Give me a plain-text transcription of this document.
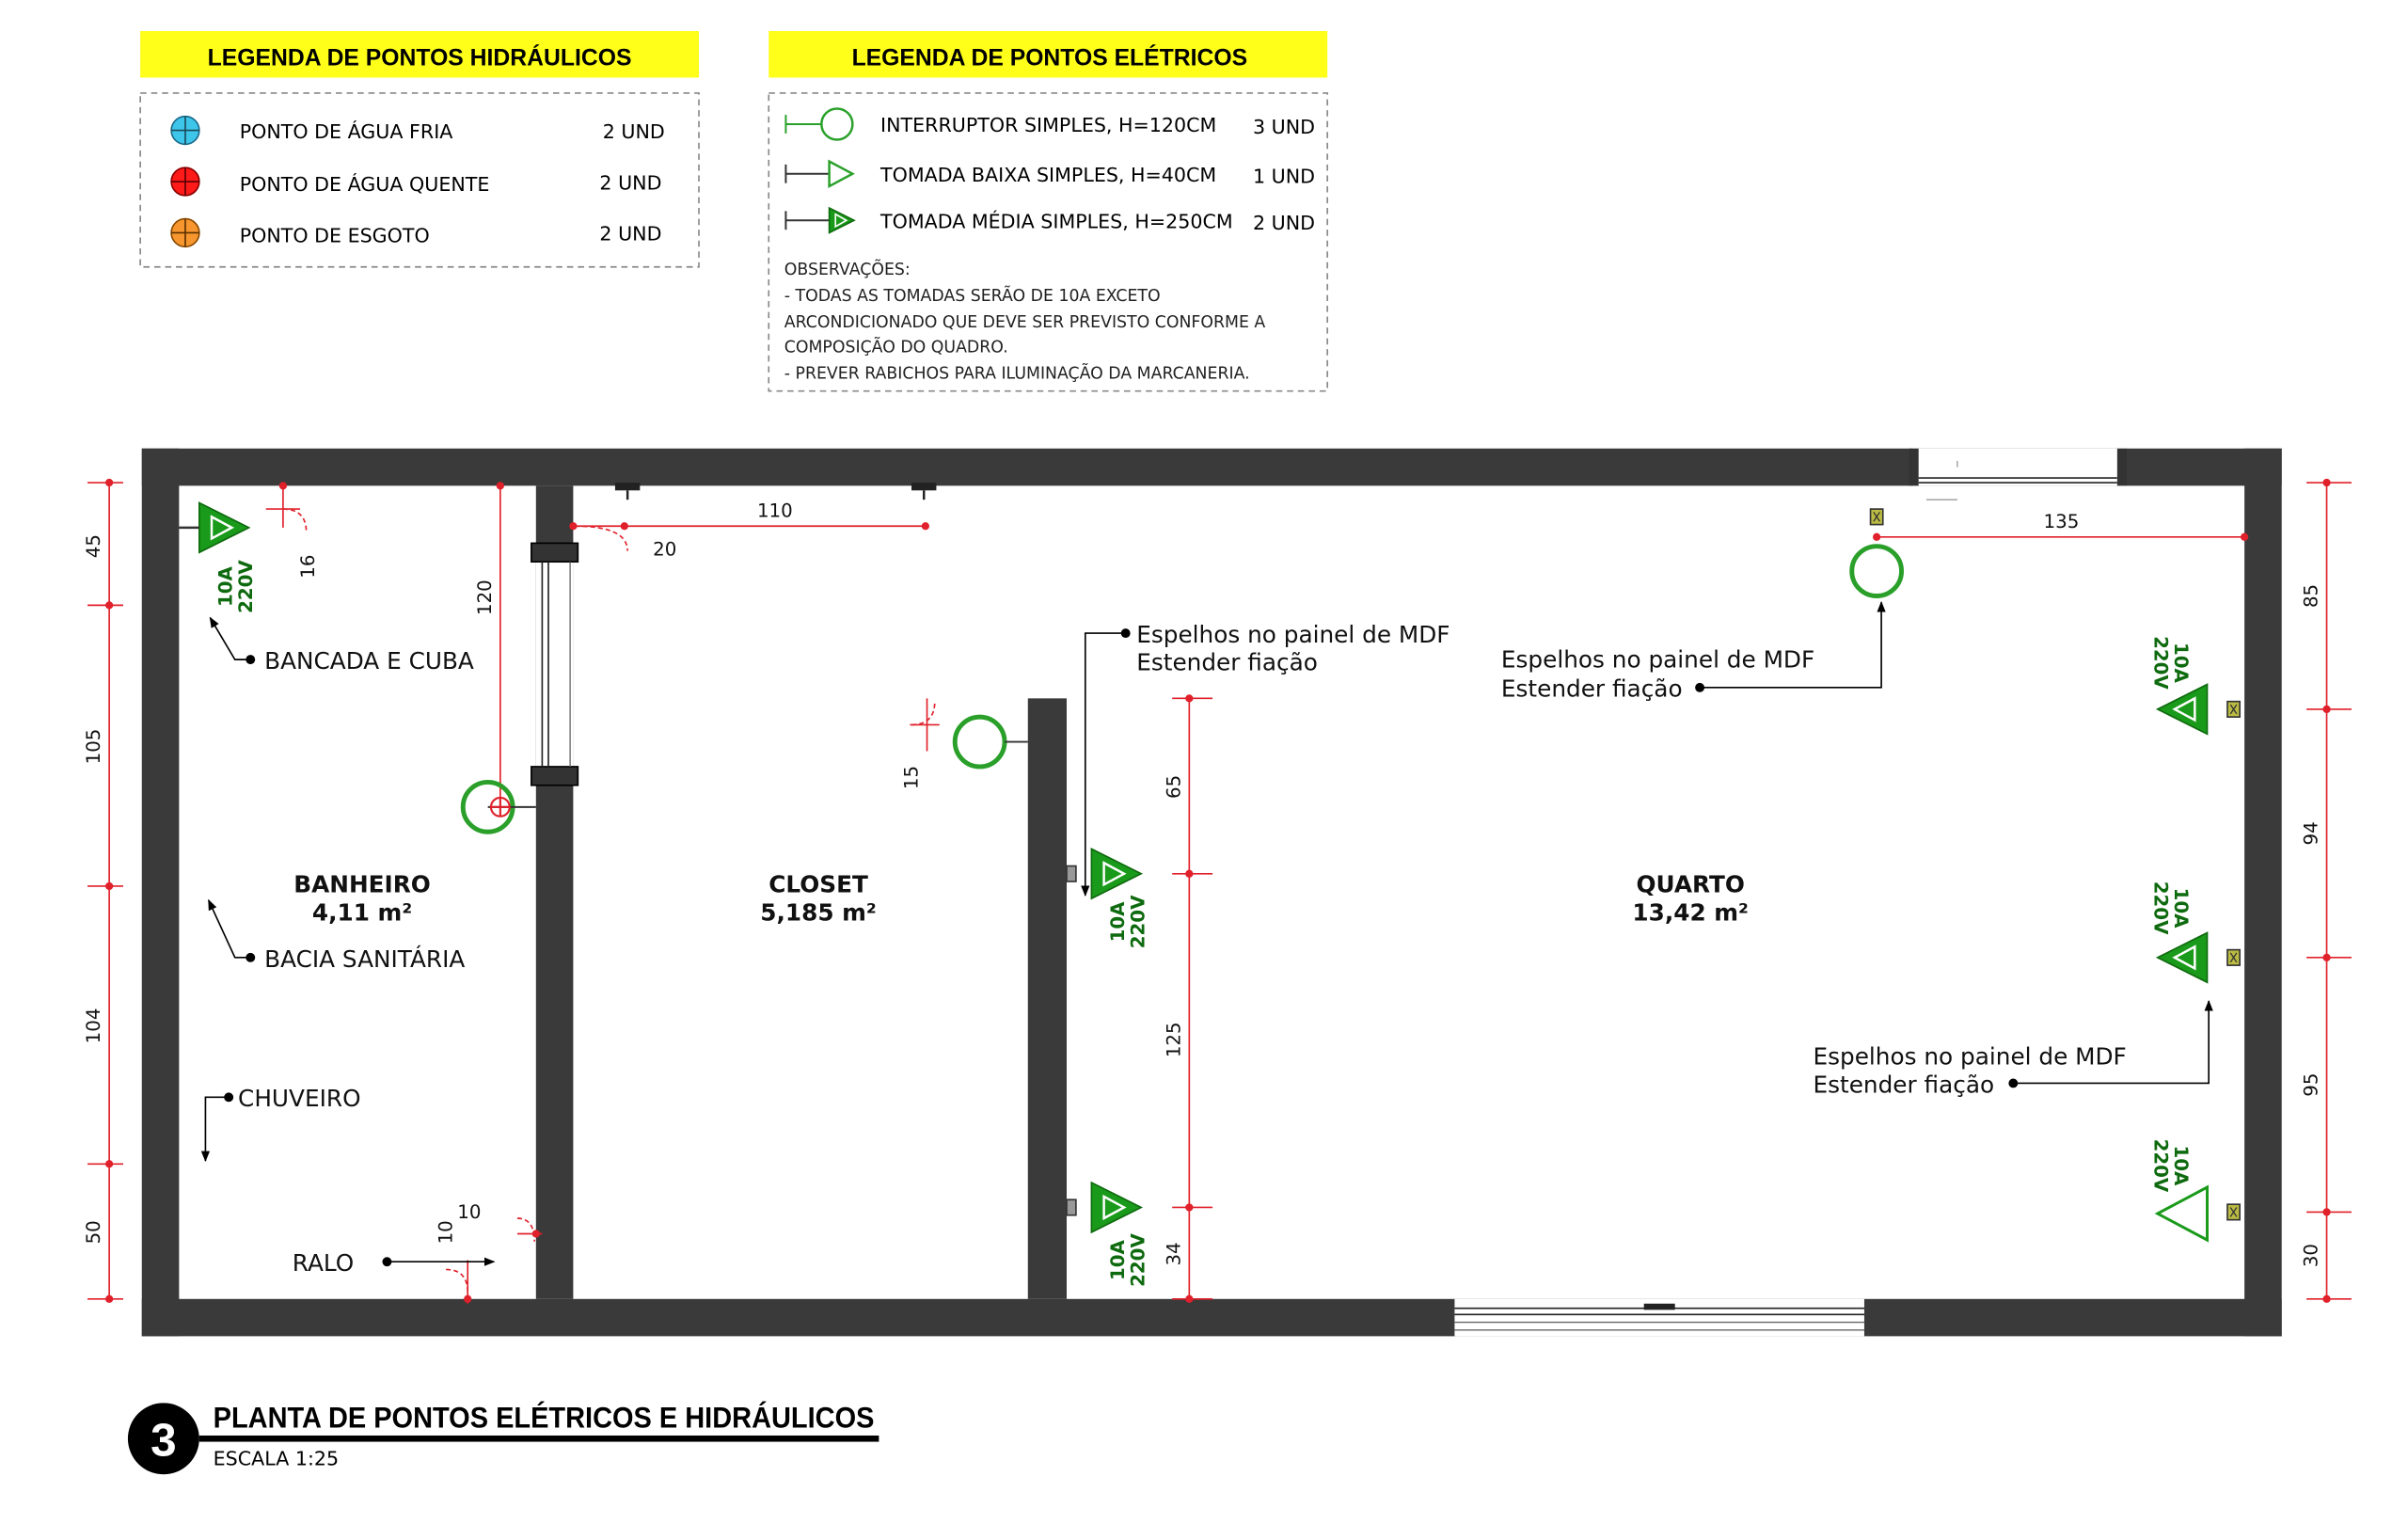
LEGENDA DE PONTOS HIDRÁULICOS
PONTO DE ÁGUA FRIA	2 UND
PONTO DE ÁGUA QUENTE	2 UND
PONTO DE ESGOTO	2 UND
LEGENDA DE PONTOS ELÉTRICOS
INTERRUPTOR SIMPLES, H=120CM	3 UND
TOMADA BAIXA SIMPLES, H=40CM	1 UND
TOMADA MÉDIA SIMPLES, H=250CM 2 UND
OBSERVAÇÕES:
- TODAS AS TOMADAS SERÃO DE 10A EXCETO
ARCONDICIONADO QUE DEVE SER PREVISTO CONFORME A
COMPOSIÇÃO DO QUADRO.
- PREVER RABICHOS PARA ILUMINAÇÃO DA MARCANERIA.
45
105
104
50
85
94
95
30
110
20
135
16
120
10
10
15	65
125
34
10A
220V
10A
220V
10A
220V
10A
220V
10A
220V
10A
220V
BANHEIRO
4,11 m²
CLOSET
5,185 m²
QUARTO
13,42 m²
BANCADA E CUBA
BACIA SANITÁRIA
CHUVEIRO
RALO
Espelhos no painel de MDF
Estender fiação	Espelhos no painel de MDF
Estender fiação
Espelhos no painel de MDF
Estender fiação
3 PLANTA DE PONTOS ELÉTRICOS E HIDRÁULICOS
ESCALA 1:25
